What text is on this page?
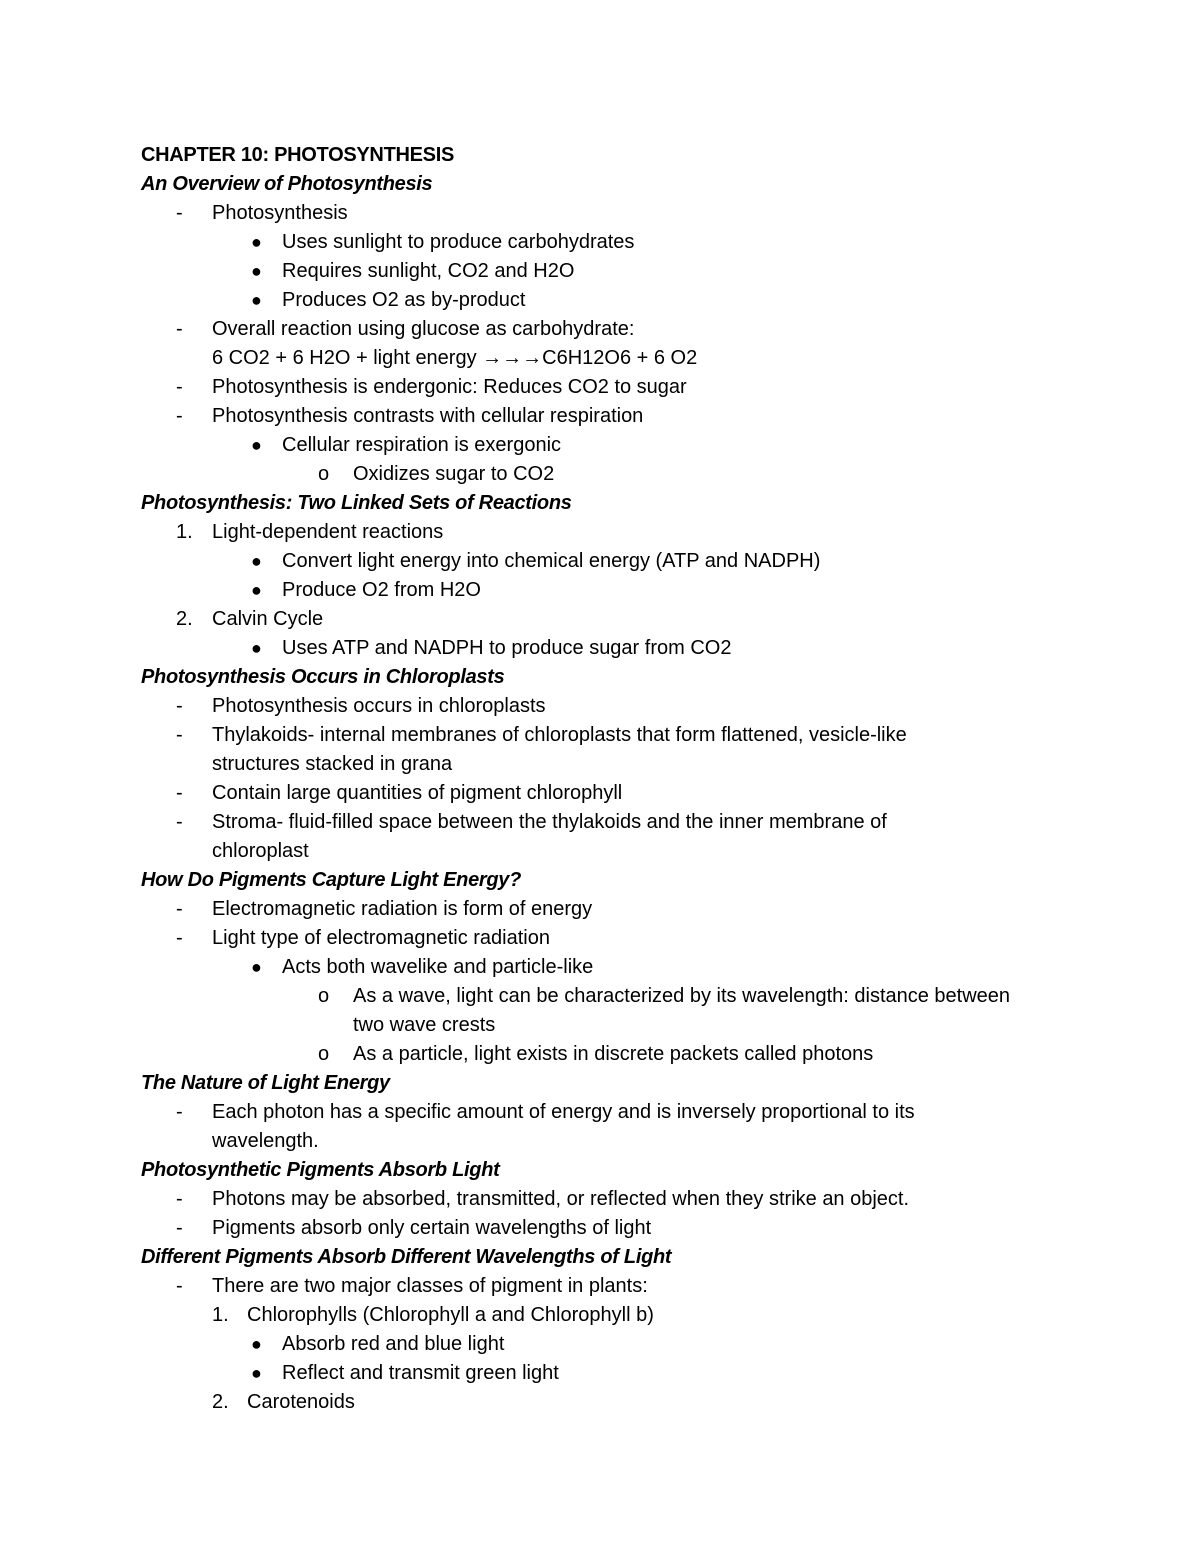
CHAPTER 10: PHOTOSYNTHESIS
An Overview of Photosynthesis
- Photosynthesis
● Uses sunlight to produce carbohydrates
● Requires sunlight, CO2 and H2O
● Produces O2 as by-product
- Overall reaction using glucose as carbohydrate:
6 CO2 + 6 H2O + light energy →→→C6H12O6 + 6 O2
- Photosynthesis is endergonic: Reduces CO2 to sugar
- Photosynthesis contrasts with cellular respiration
● Cellular respiration is exergonic
o Oxidizes sugar to CO2
Photosynthesis: Two Linked Sets of Reactions
1. Light-dependent reactions
● Convert light energy into chemical energy (ATP and NADPH)
● Produce O2 from H2O
2. Calvin Cycle
● Uses ATP and NADPH to produce sugar from CO2
Photosynthesis Occurs in Chloroplasts
- Photosynthesis occurs in chloroplasts
- Thylakoids- internal membranes of chloroplasts that form flattened, vesicle-like
structures stacked in grana
- Contain large quantities of pigment chlorophyll
- Stroma- fluid-filled space between the thylakoids and the inner membrane of
chloroplast
How Do Pigments Capture Light Energy?
- Electromagnetic radiation is form of energy
- Light type of electromagnetic radiation
● Acts both wavelike and particle-like
o As a wave, light can be characterized by its wavelength: distance between
two wave crests
o As a particle, light exists in discrete packets called photons
The Nature of Light Energy
- Each photon has a specific amount of energy and is inversely proportional to its
wavelength.
Photosynthetic Pigments Absorb Light
- Photons may be absorbed, transmitted, or reflected when they strike an object.
- Pigments absorb only certain wavelengths of light
Different Pigments Absorb Different Wavelengths of Light
- There are two major classes of pigment in plants:
1. Chlorophylls (Chlorophyll a and Chlorophyll b)
● Absorb red and blue light
● Reflect and transmit green light
2. Carotenoids
